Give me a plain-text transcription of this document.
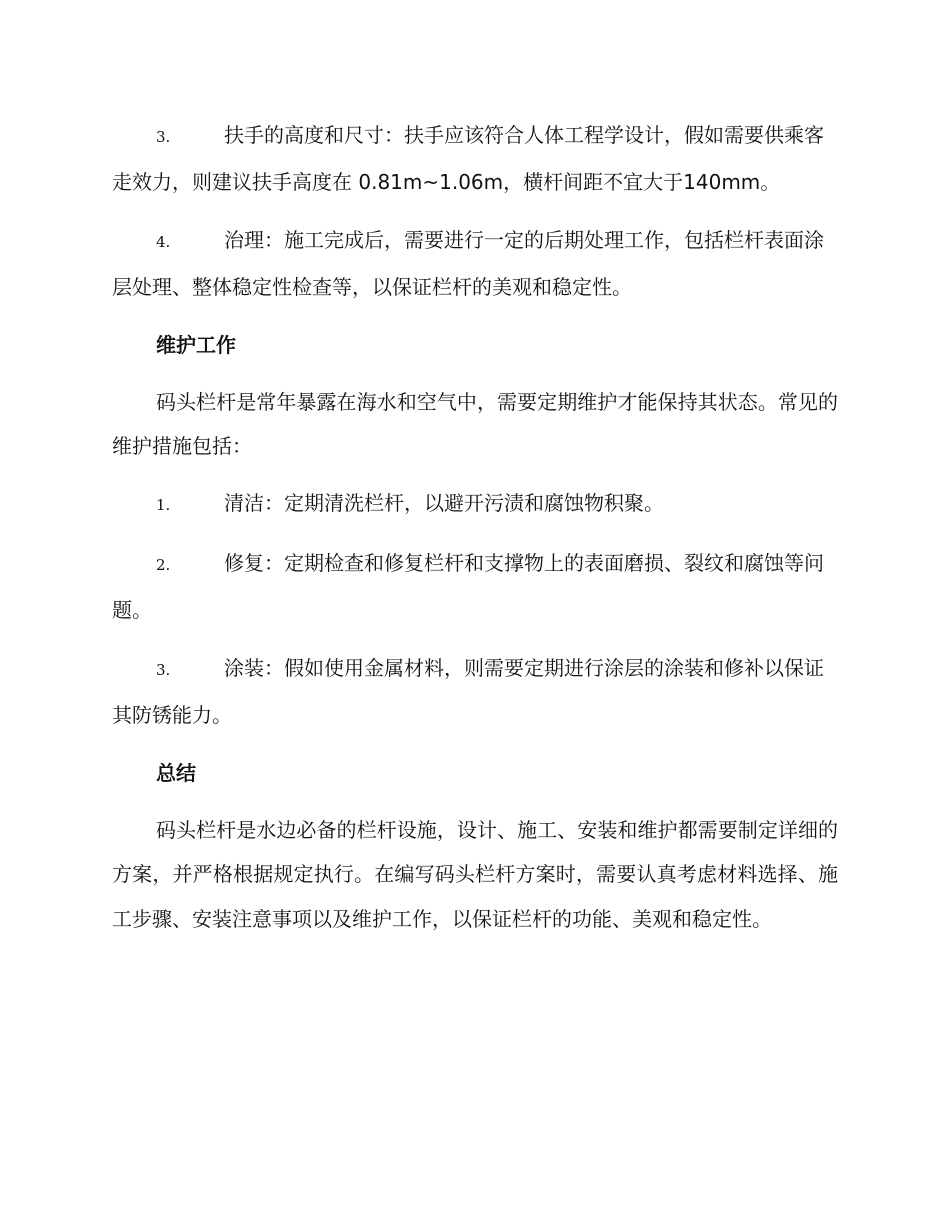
3.	扶手的高度和尺寸：扶手应该符合人体工程学设计，假如需要供乘客走效力，则建议扶手高度在 0.81m~1.06m，横杆间距不宜大于140mm。

4.	治理：施工完成后，需要进行一定的后期处理工作，包括栏杆表面涂层处理、整体稳定性检查等，以保证栏杆的美观和稳定性。

维护工作

码头栏杆是常年暴露在海水和空气中，需要定期维护才能保持其状态。常见的维护措施包括：

1.	清洁：定期清洗栏杆，以避开污渍和腐蚀物积聚。

2.	修复：定期检查和修复栏杆和支撑物上的表面磨损、裂纹和腐蚀等问题。

3.	涂装：假如使用金属材料，则需要定期进行涂层的涂装和修补以保证其防锈能力。

总结

码头栏杆是水边必备的栏杆设施，设计、施工、安装和维护都需要制定详细的方案，并严格根据规定执行。在编写码头栏杆方案时，需要认真考虑材料选择、施工步骤、安装注意事项以及维护工作，以保证栏杆的功能、美观和稳定性。
